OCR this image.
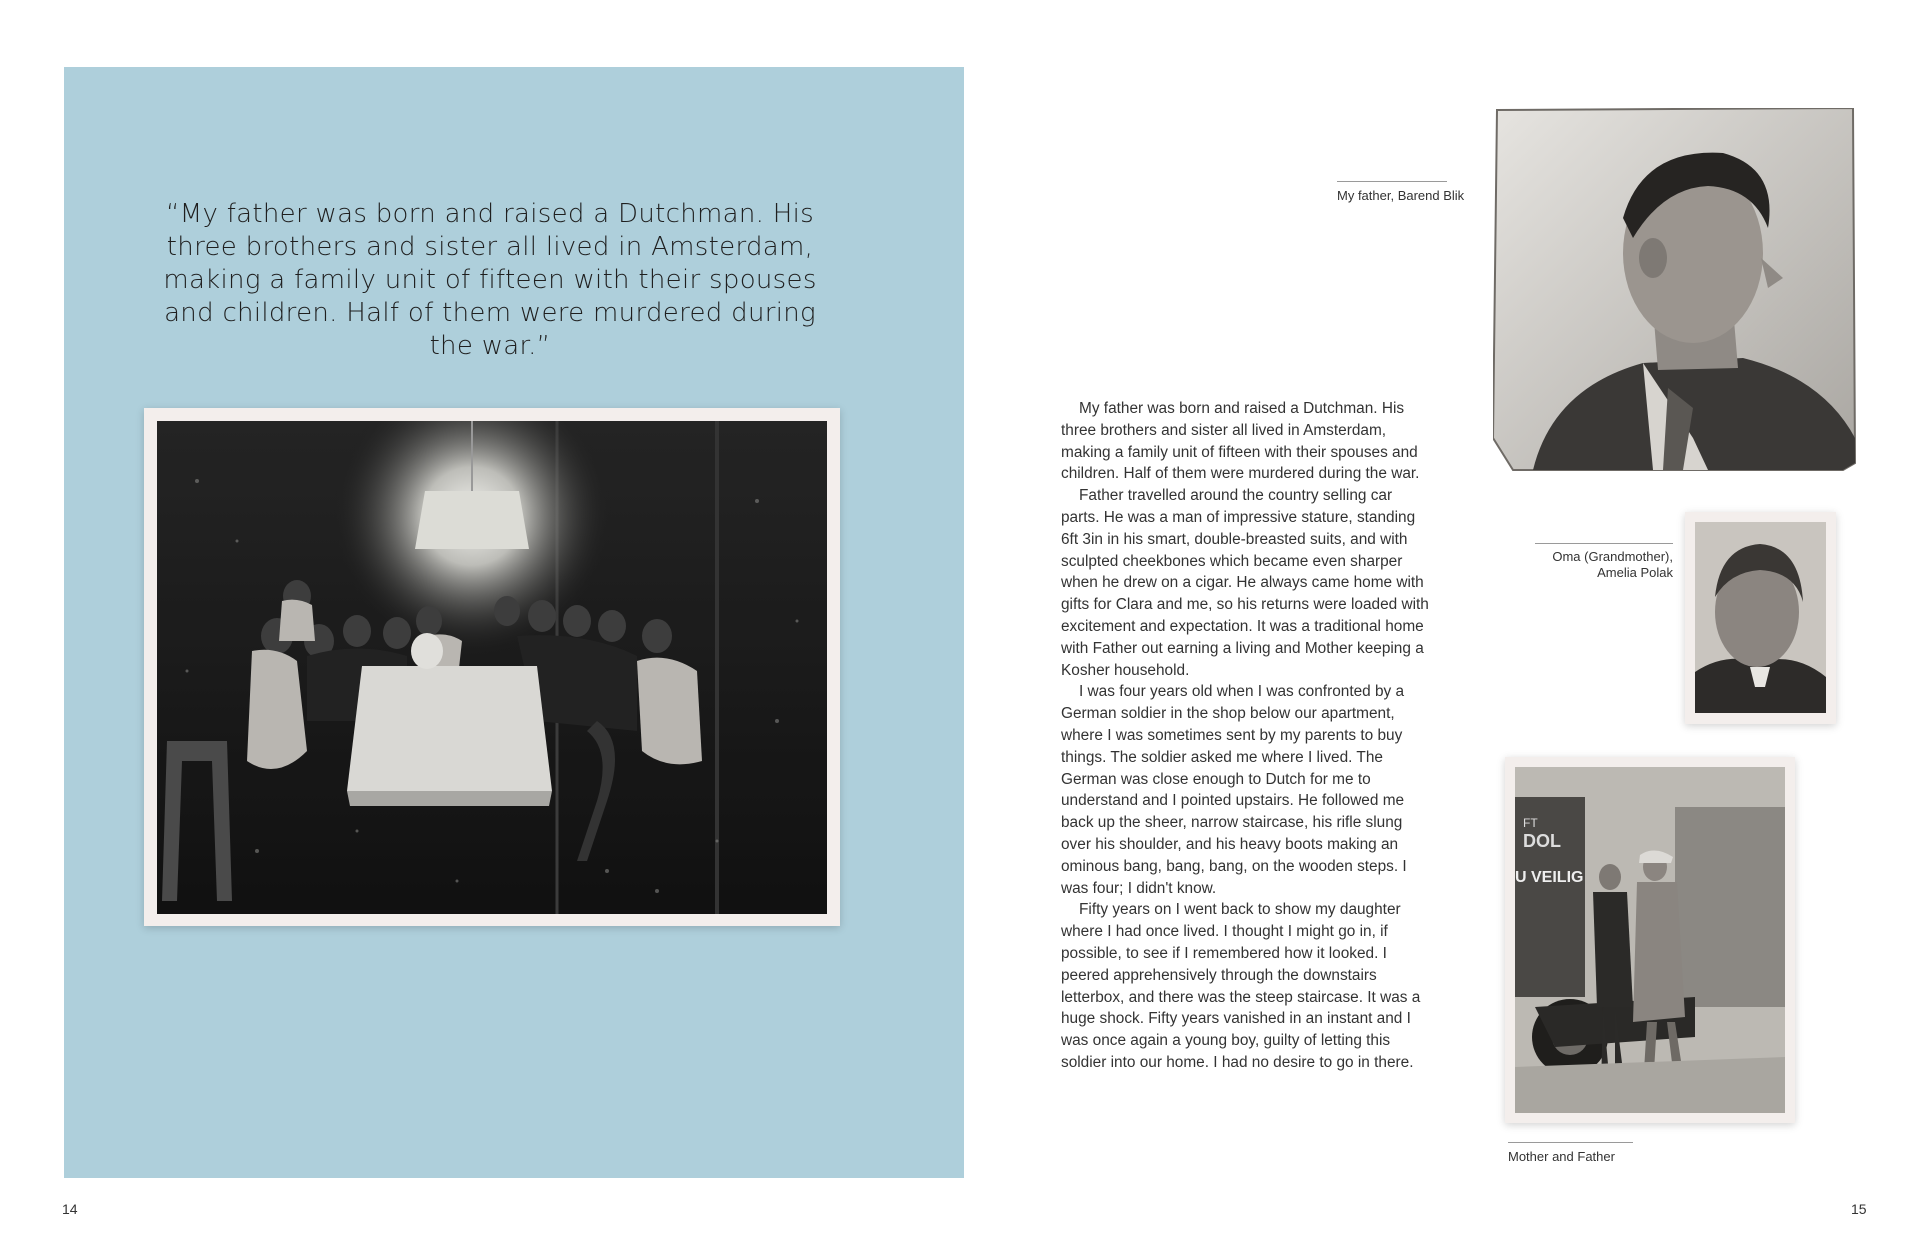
“My father was born and raised a Dutchman. His three brothers and sister all lived in Amsterdam, making a family unit of fifteen with their spouses and children. Half of them were murdered during the war.”
My father, Barend Blik
Oma (Grandmother),
Amelia Polak
FT
DOL
U VEILIG
Mother and Father

My father was born and raised a Dutchman. His three brothers and sister all lived in Amsterdam, making a family unit of fifteen with their spouses and children. Half of them were murdered during the war.

Father travelled around the country selling car parts. He was a man of impressive stature, standing 6ft 3in in his smart, double-breasted suits, and with sculpted cheekbones which became even sharper when he drew on a cigar. He always came home with gifts for Clara and me, so his returns were loaded with excitement and expectation. It was a traditional home with Father out earning a living and Mother keeping a Kosher household.

I was four years old when I was confronted by a German soldier in the shop below our apartment, where I was sometimes sent by my parents to buy things. The soldier asked me where I lived. The German was close enough to Dutch for me to understand and I pointed upstairs. He followed me back up the sheer, narrow staircase, his rifle slung over his shoulder, and his heavy boots making an ominous bang, bang, bang, on the wooden steps. I was four; I didn't know.

Fifty years on I went back to show my daughter where I had once lived. I thought I might go in, if possible, to see if I remembered how it looked. I peered apprehensively through the downstairs letterbox, and there was the steep staircase. It was a huge shock. Fifty years vanished in an instant and I was once again a young boy, guilty of letting this soldier into our home. I had no desire to go in there.

14	15
